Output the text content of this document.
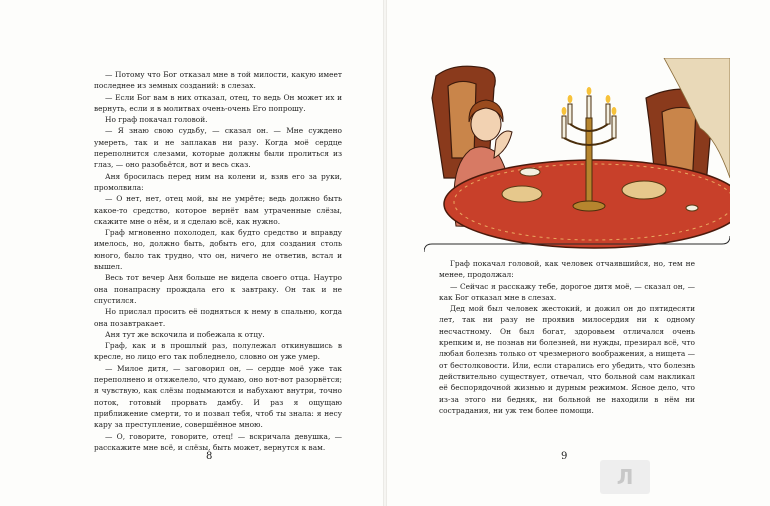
— Потому что Бог отказал мне в той милости, какую имеет последнее из земных созданий: в слезах.

— Если Бог вам в них отказал, отец, то ведь Он может их и вернуть, если я в молитвах очень-очень Его попрошу.

Но граф покачал головой.

— Я знаю свою судьбу, — сказал он. — Мне суждено умереть, так и не заплакав ни разу. Когда моё сердце переполнится слезами, которые должны были пролиться из глаз, — оно разобьётся, вот и весь сказ.

Аня бросилась перед ним на колени и, взяв его за руки, промолвила:

— О нет, нет, отец мой, вы не умрёте; ведь должно быть какое-то средство, которое вернёт вам утраченные слёзы, скажите мне о нём, и я сделаю всё, как нужно.

Граф мгновенно похолодел, как будто средство и вправду имелось, но, должно быть, добыть его, для создания столь юного, было так трудно, что он, ничего не ответив, встал и вышел.

Весь тот вечер Аня больше не видела своего отца. Наутро она понапрасну прождала его к завтраку. Он так и не спустился.

Но прислал просить её подняться к нему в спальню, когда она позавтракает.

Аня тут же вскочила и побежала к отцу.

Граф, как и в прошлый раз, полулежал откинувшись в кресле, но лицо его так побледнело, словно он уже умер.

— Милое дитя, — заговорил он, — сердце моё уже так переполнено и отяжелело, что думаю, оно вот-вот разорвётся; я чувствую, как слёзы подымаются и набухают внутри, точно поток, готовый прорвать дамбу. И раз я ощущаю приближение смерти, то и позвал тебя, чтоб ты знала: я несу кару за преступление, совершённое мною.

— О, говорите, говорите, отец! — вскричала девушка, — расскажите мне всё, и слёзы, быть может, вернутся к вам.

8

Граф покачал головой, как человек отчаявшийся, но, тем не менее, продолжал:

— Сейчас я расскажу тебе, дорогое дитя моё, — сказал он, — как Бог отказал мне в слезах.

Дед мой был человек жестокий, и дожил он до пятидесяти лет, так ни разу не проявив милосердия ни к одному несчастному. Он был богат, здоровьем отличался очень крепким и, не познав ни болезней, ни нужды, презирал всё, что любая болезнь только от чрезмерного воображения, а нищета — от бестолковости. Или, если старались его убедить, что болезнь действительно существует, отвечал, что больной сам накликал её беспорядочной жизнью и дурным режимом. Ясное дело, что из-за этого ни бедняк, ни больной не находили в нём ни сострадания, ни уж тем более помощи.

9
Л
